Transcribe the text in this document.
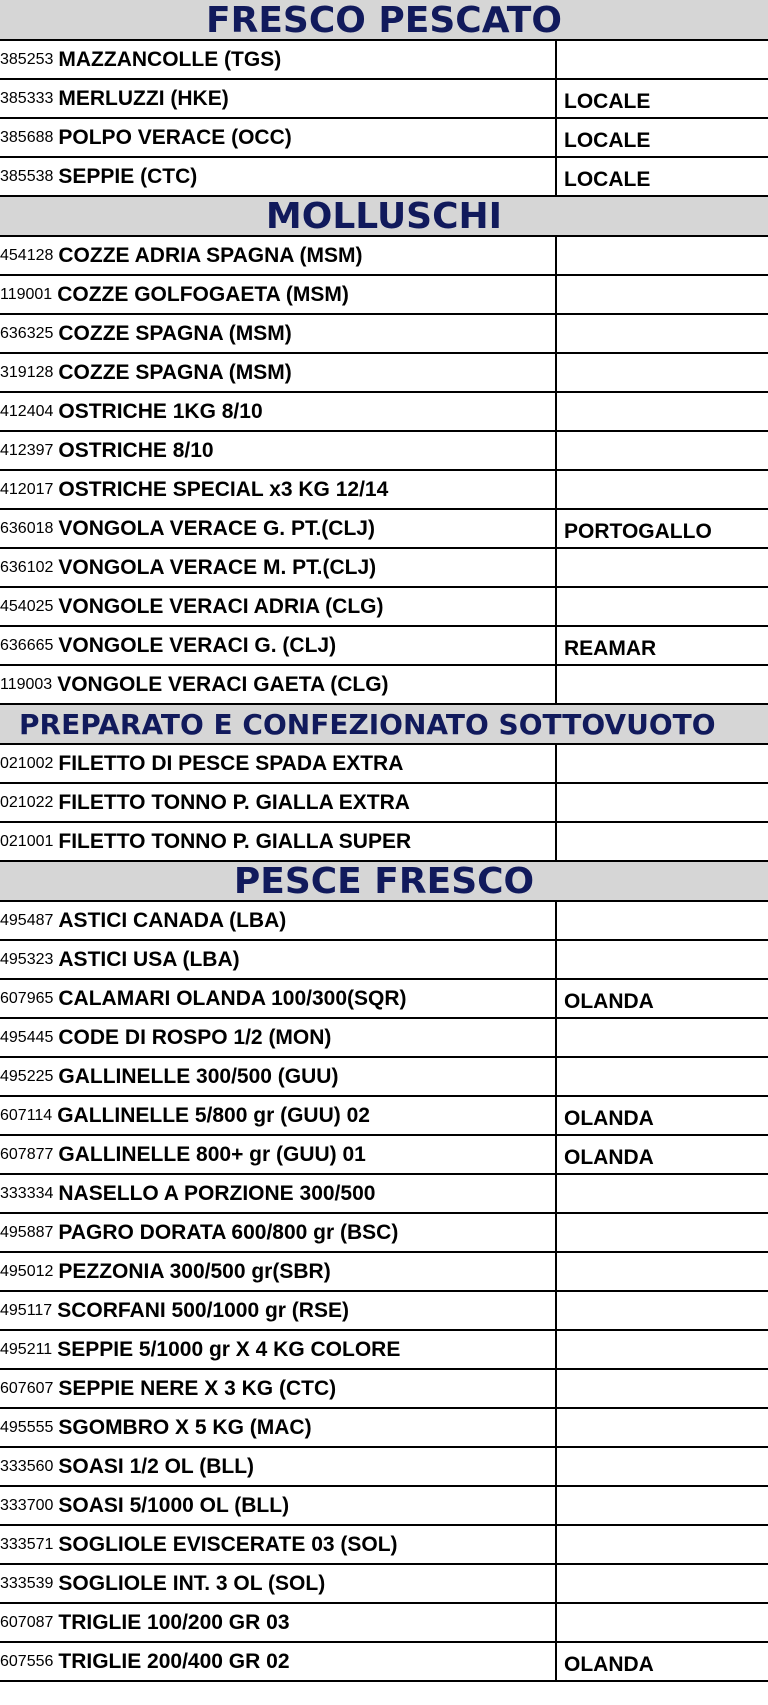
FRESCO PESCATO
385253 MAZZANCOLLE (TGS)
385333 MERLUZZI (HKE)	LOCALE
385688 POLPO VERACE (OCC)	LOCALE
385538 SEPPIE (CTC)	LOCALE
MOLLUSCHI
454128 COZZE ADRIA SPAGNA (MSM)
119001 COZZE GOLFOGAETA (MSM)
636325 COZZE SPAGNA (MSM)
319128 COZZE SPAGNA (MSM)
412404 OSTRICHE 1KG 8/10
412397 OSTRICHE 8/10
412017 OSTRICHE SPECIAL x3 KG 12/14
636018 VONGOLA VERACE G. PT.(CLJ)	PORTOGALLO
636102 VONGOLA VERACE M. PT.(CLJ)
454025 VONGOLE VERACI ADRIA (CLG)
636665 VONGOLE VERACI G. (CLJ)	REAMAR
119003 VONGOLE VERACI GAETA (CLG)
PREPARATO E CONFEZIONATO SOTTOVUOTO
021002 FILETTO DI PESCE SPADA EXTRA
021022 FILETTO TONNO P. GIALLA EXTRA
021001 FILETTO TONNO P. GIALLA SUPER
PESCE FRESCO
495487 ASTICI CANADA (LBA)
495323 ASTICI USA (LBA)
607965 CALAMARI OLANDA 100/300(SQR)	OLANDA
495445 CODE DI ROSPO 1/2 (MON)
495225 GALLINELLE 300/500 (GUU)
607114 GALLINELLE 5/800 gr (GUU) 02	OLANDA
607877 GALLINELLE 800+ gr (GUU) 01	OLANDA
333334 NASELLO A PORZIONE 300/500
495887 PAGRO DORATA 600/800 gr (BSC)
495012 PEZZONIA 300/500 gr(SBR)
495117 SCORFANI 500/1000 gr (RSE)
495211 SEPPIE 5/1000 gr X 4 KG COLORE
607607 SEPPIE NERE X 3 KG (CTC)
495555 SGOMBRO X 5 KG (MAC)
333560 SOASI 1/2 OL (BLL)
333700 SOASI 5/1000 OL (BLL)
333571 SOGLIOLE EVISCERATE 03 (SOL)
333539 SOGLIOLE INT. 3 OL (SOL)
607087 TRIGLIE 100/200 GR 03
607556 TRIGLIE 200/400 GR 02	OLANDA
